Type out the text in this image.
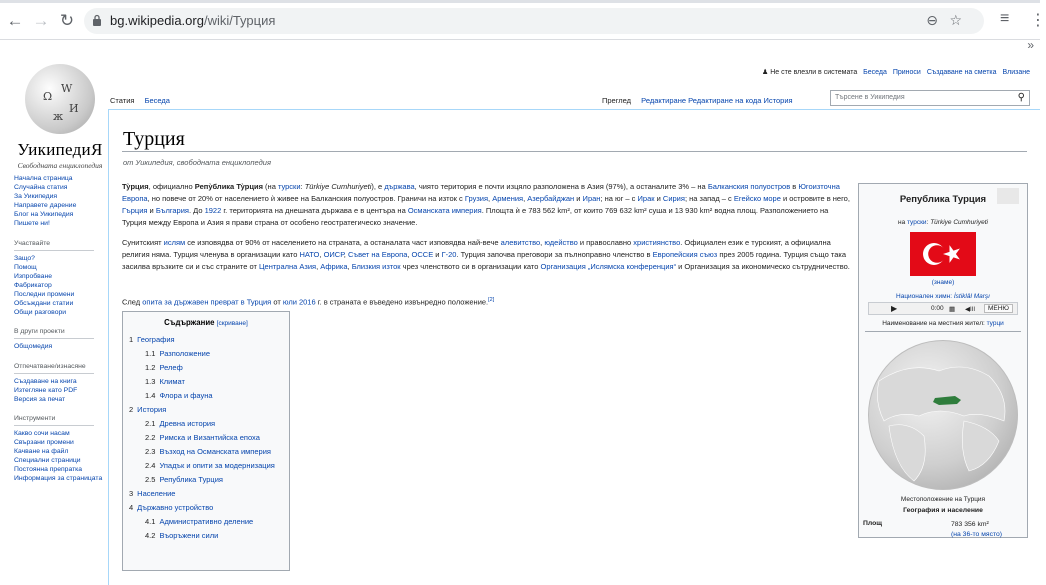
← → ↻	bg.wikipedia.org/wiki/Турция	⊖ ☆ ≡ ⋮
»
Ω
W
И
ж
УикипедиЯ
Свободната енциклопедия
♟ Не сте влезли в системата Беседа Приноси Създаване на сметка Влизане
Статия Беседа	Преглед Редактиране Редактиране на кода История	Търсене в Уикипедия	⚲
Турция
от Уикипедия, свободната енциклопедия
Ту̀рция, официално Репу̀блика Ту̀рция (на турски: Türkiye Cumhuriyeti), е държава, чиято територия е почти изцяло разположена в Азия (97%), а останалите 3% – на Балканския полуостров в Югоизточна Европа, но повече от 20% от населението ѝ живее на Балканския полуостров. Граничи на изток с Грузия, Армения, Азербайджан и Иран; на юг – с Ирак и Сирия; на запад – с Егейско море и островите в него, Гърция и България. До 1922 г. територията на днешната държава е в центъра на Османската империя. Площта ѝ е 783 562 km², от които 769 632 km² суша и 13 930 km² водна площ. Разположението на Турция между Европа и Азия я прави страна от особено геостратегическо значение.
Сунитският ислям се изповядва от 90% от населението на страната, а останалата част изповядва най-вече алевитство, юдейство и православно християнство. Официален език е турският, а официална религия няма. Турция членува в организации като НАТО, ОИСР, Съвет на Европа, ОССЕ и Г-20. Турция започва преговори за пълноправно членство в Европейския съюз през 2005 година. Турция също така засилва връзките си и със страните от Централна Азия, Африка, Близкия изток чрез членството си в организации като Организация „Ислямска конференция“ и Организация за икономическо сътрудничество.
След опита за държавен преврат в Турция от юли 2016 г. в страната е въведено извънредно положение.[2]
Начална страница
Случайна статия
За Уикипедия
Направете дарение
Блог на Уикипедия
Пишете ни!
Участвайте
Защо?
Помощ
Изпробване
Фабрикатор
Последни промени
Обсъждани статии
Общи разговори
В други проекти
Общомедия
Отпечатване/изнасяне
Създаване на книга
Изтегляне като PDF
Версия за печат
Инструменти
Какво сочи насам
Свързани промени
Качване на файл
Специални страници
Постоянна препратка
Информация за страницата
Съдържание [скриване]
1 География
1.1 Разположение
1.2 Релеф
1.3 Климат
1.4 Флора и фауна
2 История
2.1 Древна история
2.2 Римска и Византийска епоха
2.3 Възход на Османската империя
2.4 Упадък и опити за модернизация
2.5 Република Турция
3 Население
4 Държавно устройство
4.1 Административно деление
4.2 Въоръжени сили
Република Турция
на турски: Türkiye Cumhuriyeti
(знаме)
Национален химн: İstiklâl Marşı
▶	0:00 ▦ ◀ǀǀǀ	МЕНЮ
Наименование на местния жител: турци
Местоположение на Турция
География и население
Площ	783 356 km²
(на 36-то място)
